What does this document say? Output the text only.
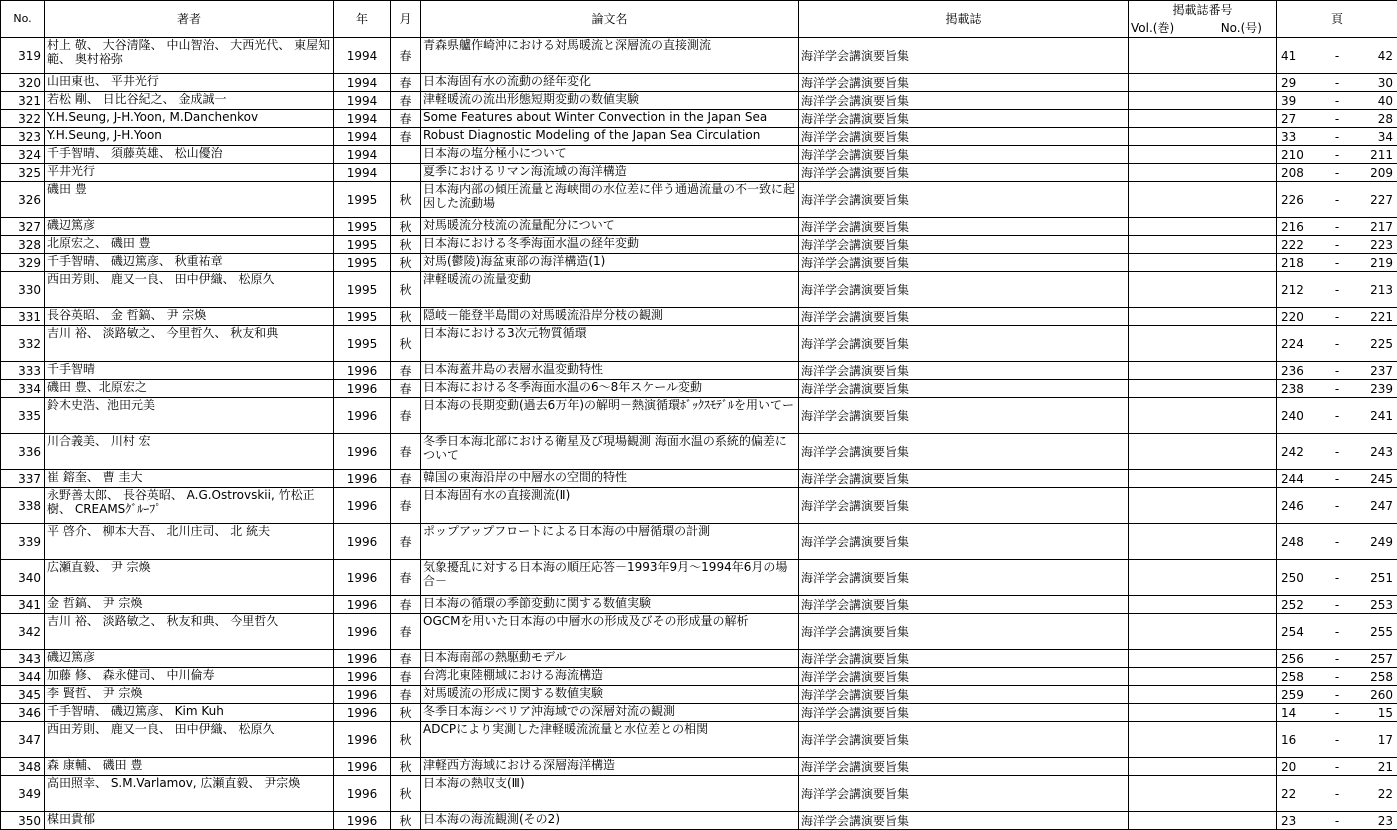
No.	著者	年	月	論文名	掲載誌	掲載誌番号
Vol.(巻) No.(号)	頁
319	村上 敬、 大谷清隆、 中山智治、 大西光代、 東屋知範、 奥村裕弥	1994	春	青森県艫作崎沖における対馬暖流と深層流の直接測流	海洋学会講演要旨集		41 - 42

320	山田東也、 平井光行	1994	春	日本海固有水の流動の経年変化	海洋学会講演要旨集		29 - 30

321	若松 剛、 日比谷紀之、 金成誠一	1994	春	津軽暖流の流出形態短期変動の数値実験	海洋学会講演要旨集		39 - 40

322	Y.H.Seung, J-H.Yoon, M.Danchenkov	1994	春	Some Features about Winter Convection in the Japan Sea	海洋学会講演要旨集		27 - 28

323	Y.H.Seung, J-H.Yoon	1994	春	Robust Diagnostic Modeling of the Japan Sea Circulation	海洋学会講演要旨集		33 - 34

324	千手智晴、 須藤英雄、 松山優治	1994		日本海の塩分極小について	海洋学会講演要旨集		210 - 211

325	平井光行	1994		夏季におけるリマン海流域の海洋構造	海洋学会講演要旨集		208 - 209

326	磯田 豊	1995	秋	日本海内部の傾圧流量と海峡間の水位差に伴う通過流量の不一致に起因した流動場	海洋学会講演要旨集		226 - 227

327	磯辺篤彦	1995	秋	対馬暖流分枝流の流量配分について	海洋学会講演要旨集		216 - 217

328	北原宏之、 磯田 豊	1995	秋	日本海における冬季海面水温の経年変動	海洋学会講演要旨集		222 - 223

329	千手智晴、 磯辺篤彦、 秋重祐章	1995	秋	対馬(鬱陵)海盆東部の海洋構造(1)	海洋学会講演要旨集		218 - 219

330	西田芳則、 鹿又一良、 田中伊織、 松原久	1995	秋	津軽暖流の流量変動	海洋学会講演要旨集		212 - 213

331	長谷英昭、 金 哲鎬、 尹 宗煥	1995	秋	隠岐－能登半島間の対馬暖流沿岸分枝の観測	海洋学会講演要旨集		220 - 221

332	吉川 裕、 淡路敏之、 今里哲久、 秋友和典	1995	秋	日本海における3次元物質循環	海洋学会講演要旨集		224 - 225

333	千手智晴	1996	春	日本海蓋井島の表層水温変動特性	海洋学会講演要旨集		236 - 237

334	磯田 豊、北原宏之	1996	春	日本海における冬季海面水温の6～8年スケール変動	海洋学会講演要旨集		238 - 239

335	鈴木史浩、池田元美	1996	春	日本海の長期変動(過去6万年)の解明－熱演循環ﾎﾞｯｸｽﾓﾃﾞﾙを用いてー	海洋学会講演要旨集		240 - 241

336	川合義美、 川村 宏	1996	春	冬季日本海北部における衛星及び現場観測 海面水温の系統的偏差について	海洋学会講演要旨集		242 - 243

337	崔 鎔奎、 曹 圭大	1996	春	韓国の東海沿岸の中層水の空間的特性	海洋学会講演要旨集		244 - 245

338	永野善太郎、 長谷英昭、 A.G.Ostrovskii, 竹松正樹、 CREAMSｸﾞﾙｰﾌﾟ	1996	春	日本海固有水の直接測流(Ⅱ)	海洋学会講演要旨集		246 - 247

339	平 啓介、 柳本大吾、 北川庄司、 北 統夫	1996	春	ポップアップフロートによる日本海の中層循環の計測	海洋学会講演要旨集		248 - 249

340	広瀬直毅、 尹 宗煥	1996	春	気象擾乱に対する日本海の順圧応答－1993年9月～1994年6月の場合－	海洋学会講演要旨集		250 - 251

341	金 哲鎬、 尹 宗煥	1996	春	日本海の循環の季節変動に関する数値実験	海洋学会講演要旨集		252 - 253

342	吉川 裕、 淡路敏之、 秋友和典、 今里哲久	1996	春	OGCMを用いた日本海の中層水の形成及びその形成量の解析	海洋学会講演要旨集		254 - 255

343	磯辺篤彦	1996	春	日本海南部の熱駆動モデル	海洋学会講演要旨集		256 - 257

344	加藤 修、 森永健司、 中川倫寿	1996	春	台湾北東陸棚域における海流構造	海洋学会講演要旨集		258 - 258

345	李 賢哲、 尹 宗煥	1996	春	対馬暖流の形成に関する数値実験	海洋学会講演要旨集		259 - 260

346	千手智晴、 磯辺篤彦、 Kim Kuh	1996	秋	冬季日本海シベリア沖海域での深層対流の観測	海洋学会講演要旨集		14 - 15

347	西田芳則、 鹿又一良、 田中伊織、 松原久	1996	秋	ADCPにより実測した津軽暖流流量と水位差との相関	海洋学会講演要旨集		16 - 17

348	森 康輔、 磯田 豊	1996	秋	津軽西方海域における深層海洋構造	海洋学会講演要旨集		20 - 21

349	高田照幸、 S.M.Varlamov, 広瀬直毅、 尹宗煥	1996	秋	日本海の熱収支(Ⅲ)	海洋学会講演要旨集		22 - 22

350	楳田貴郁	1996	秋	日本海の海流観測(その2)	海洋学会講演要旨集		23 - 23
